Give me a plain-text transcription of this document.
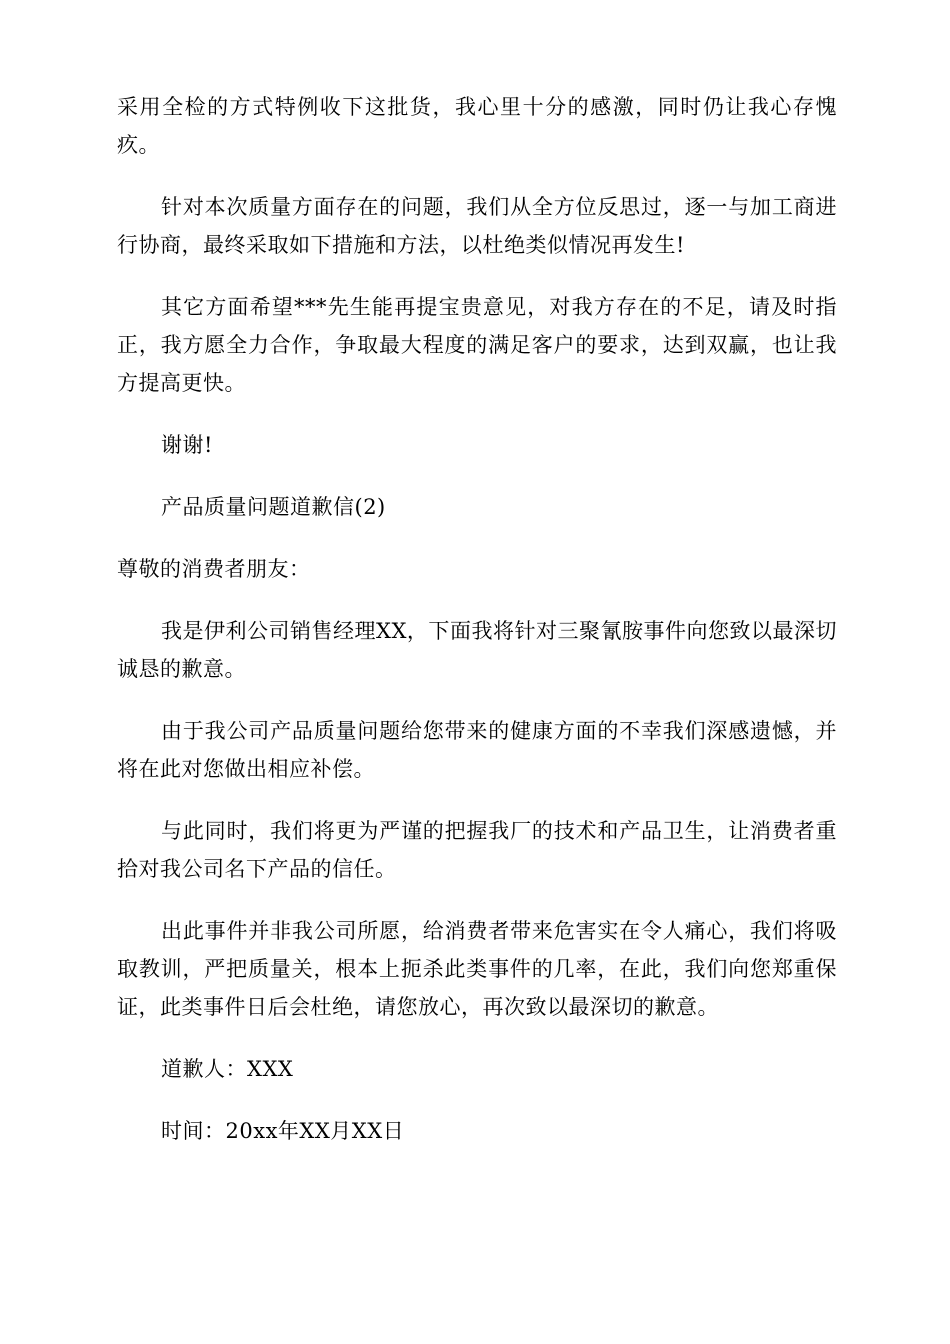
采用全检的方式特例收下这批货，我心里十分的感激，同时仍让我心存愧疚。

针对本次质量方面存在的问题，我们从全方位反思过，逐一与加工商进行协商，最终采取如下措施和方法，以杜绝类似情况再发生!

其它方面希望***先生能再提宝贵意见，对我方存在的不足，请及时指正，我方愿全力合作，争取最大程度的满足客户的要求，达到双赢，也让我方提高更快。

谢谢!

产品质量问题道歉信(2)

尊敬的消费者朋友：

我是伊利公司销售经理XX，下面我将针对三聚氰胺事件向您致以最深切诚恳的歉意。

由于我公司产品质量问题给您带来的健康方面的不幸我们深感遗憾，并将在此对您做出相应补偿。

与此同时，我们将更为严谨的把握我厂的技术和产品卫生，让消费者重拾对我公司名下产品的信任。

出此事件并非我公司所愿，给消费者带来危害实在令人痛心，我们将吸取教训，严把质量关，根本上扼杀此类事件的几率，在此，我们向您郑重保证，此类事件日后会杜绝，请您放心，再次致以最深切的歉意。

道歉人：XXX

时间：20xx年XX月XX日
